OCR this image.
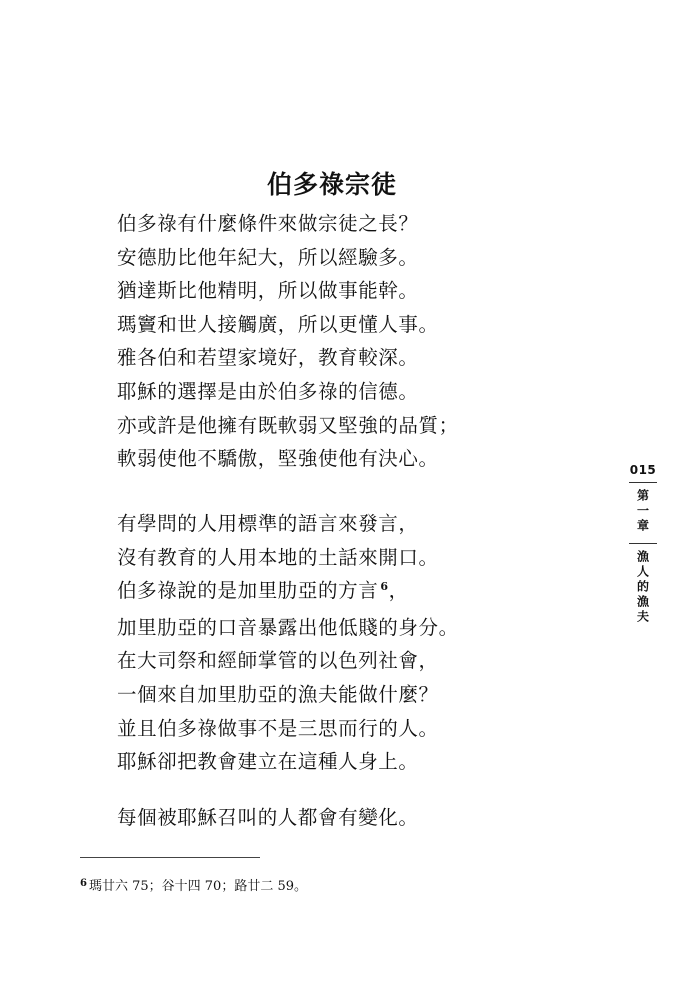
伯多祿宗徒
伯多祿有什麼條件來做宗徒之長？
安德肋比他年紀大，所以經驗多。
猶達斯比他精明，所以做事能幹。
瑪竇和世人接觸廣，所以更懂人事。
雅各伯和若望家境好，教育較深。
耶穌的選擇是由於伯多祿的信德。
亦或許是他擁有既軟弱又堅強的品質；
軟弱使他不驕傲，堅強使他有決心。
有學問的人用標準的語言來發言，
沒有教育的人用本地的土話來開口。
伯多祿說的是加里肋亞的方言 $^6$，
加里肋亞的口音暴露出他低賤的身分。
在大司祭和經師掌管的以色列社會，
一個來自加里肋亞的漁夫能做什麼？
並且伯多祿做事不是三思而行的人。
耶穌卻把教會建立在這種人身上。
每個被耶穌召叫的人都會有變化。
$^6$ 瑪廿六 75；谷十四 70；路廿二 59。
015
第一章
漁人的漁夫
